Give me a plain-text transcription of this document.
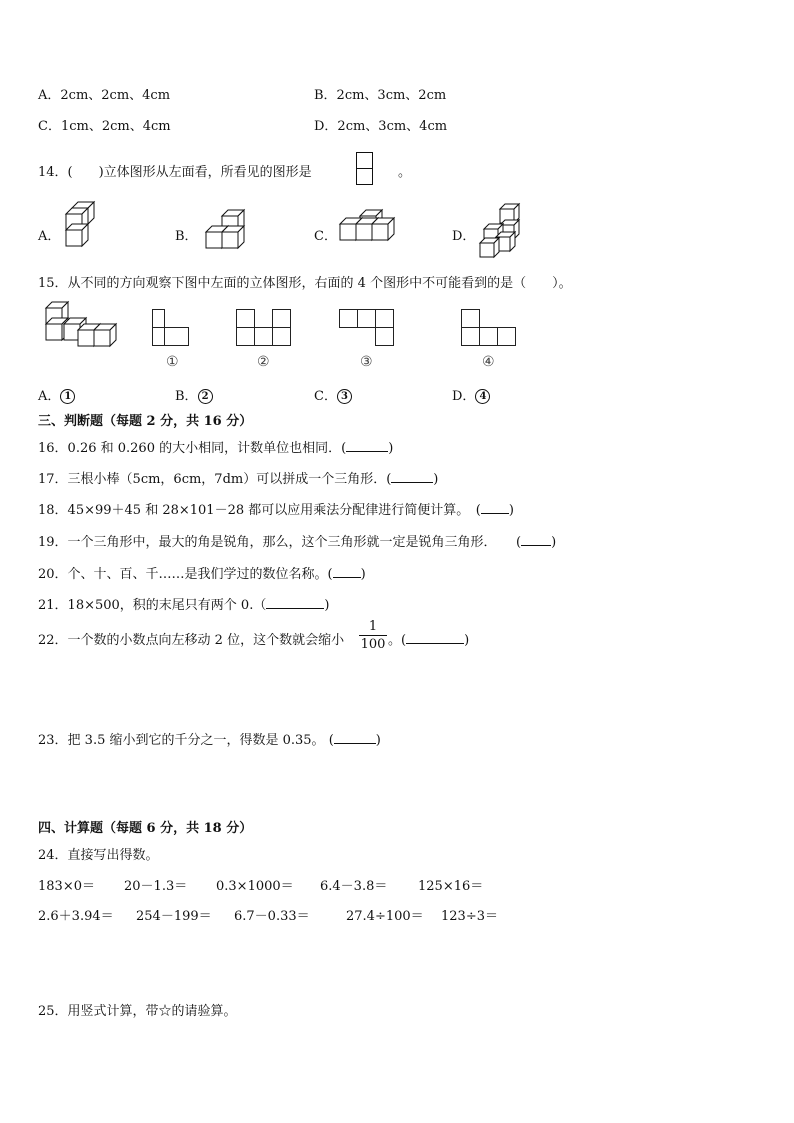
A．2cm、2cm、4cm	B．2cm、3cm、2cm
C．1cm、2cm、4cm	D．2cm、3cm、4cm
14．(　　)立体图形从左面看，所看见的图形是	。
A．	B．	C．	D．
15．从不同的方向观察下图中左面的立体图形，右面的 4 个图形中不可能看到的是（　　）。
①	②	③	④
A． 1	B． 2	C． 3	D． 4
三、判断题（每题 2 分，共 16 分）
16．0.26 和 0.260 的大小相同，计数单位也相同．(	)
17．三根小棒（5cm，6cm，7dm）可以拼成一个三角形．(	)
18．45×99＋45 和 28×101－28 都可以应用乘法分配律进行简便计算。　( )
19．一个三角形中，最大的角是锐角，那么，这个三角形就一定是锐角三角形．　　( )
20．个、十、百、千……是我们学过的数位名称。( )
21．18×500，积的末尾只有两个 0.（	)
22．一个数的小数点向左移动 2 位，这个数就会缩小
1
100 。(	)
23．把 3.5 缩小到它的千分之一，得数是 0.35。 (	)
四、计算题（每题 6 分，共 18 分）
24．直接写出得数。
183×0＝ 20－1.3＝ 0.3×1000＝ 6.4－3.8＝ 125×16＝
2.6＋3.94＝ 254－199＝ 6.7－0.33＝	27.4÷100＝ 123÷3＝
25．用竖式计算，带☆的请验算。
